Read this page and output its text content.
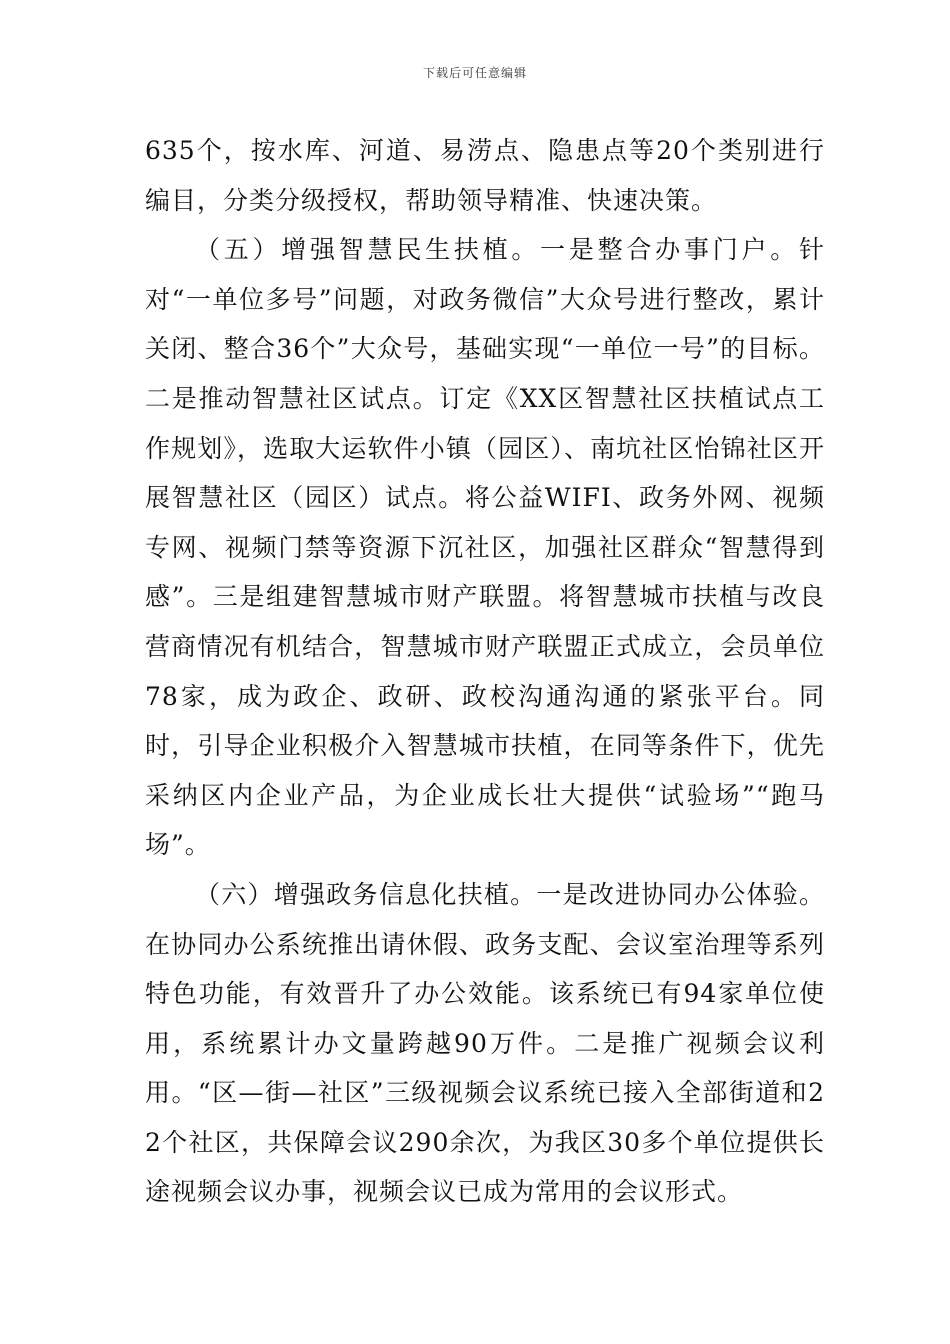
下载后可任意编辑

635个，按水库、河道、易涝点、隐患点等20个类别进行编目，分类分级授权，帮助领导精准、快速决策。

（五）增强智慧民生扶植。一是整合办事门户。针对“一单位多号”问题，对政务微信”大众号进行整改，累计关闭、整合36个”大众号，基础实现“一单位一号”的目标。二是推动智慧社区试点。订定《XX区智慧社区扶植试点工作规划》，选取大运软件小镇（园区）、南坑社区怡锦社区开展智慧社区（园区）试点。将公益WIFI、政务外网、视频专网、视频门禁等资源下沉社区，加强社区群众“智慧得到感”。三是组建智慧城市财产联盟。将智慧城市扶植与改良营商情况有机结合，智慧城市财产联盟正式成立，会员单位78家，成为政企、政研、政校沟通沟通的紧张平台。同时，引导企业积极介入智慧城市扶植，在同等条件下，优先采纳区内企业产品，为企业成长壮大提供“试验场”“跑马场”。

（六）增强政务信息化扶植。一是改进协同办公体验。在协同办公系统推出请休假、政务支配、会议室治理等系列特色功能，有效晋升了办公效能。该系统已有94家单位使用，系统累计办文量跨越90万件。二是推广视频会议利用。“区—街—社区”三级视频会议系统已接入全部街道和22个社区，共保障会议290余次，为我区30多个单位提供长途视频会议办事，视频会议已成为常用的会议形式。
